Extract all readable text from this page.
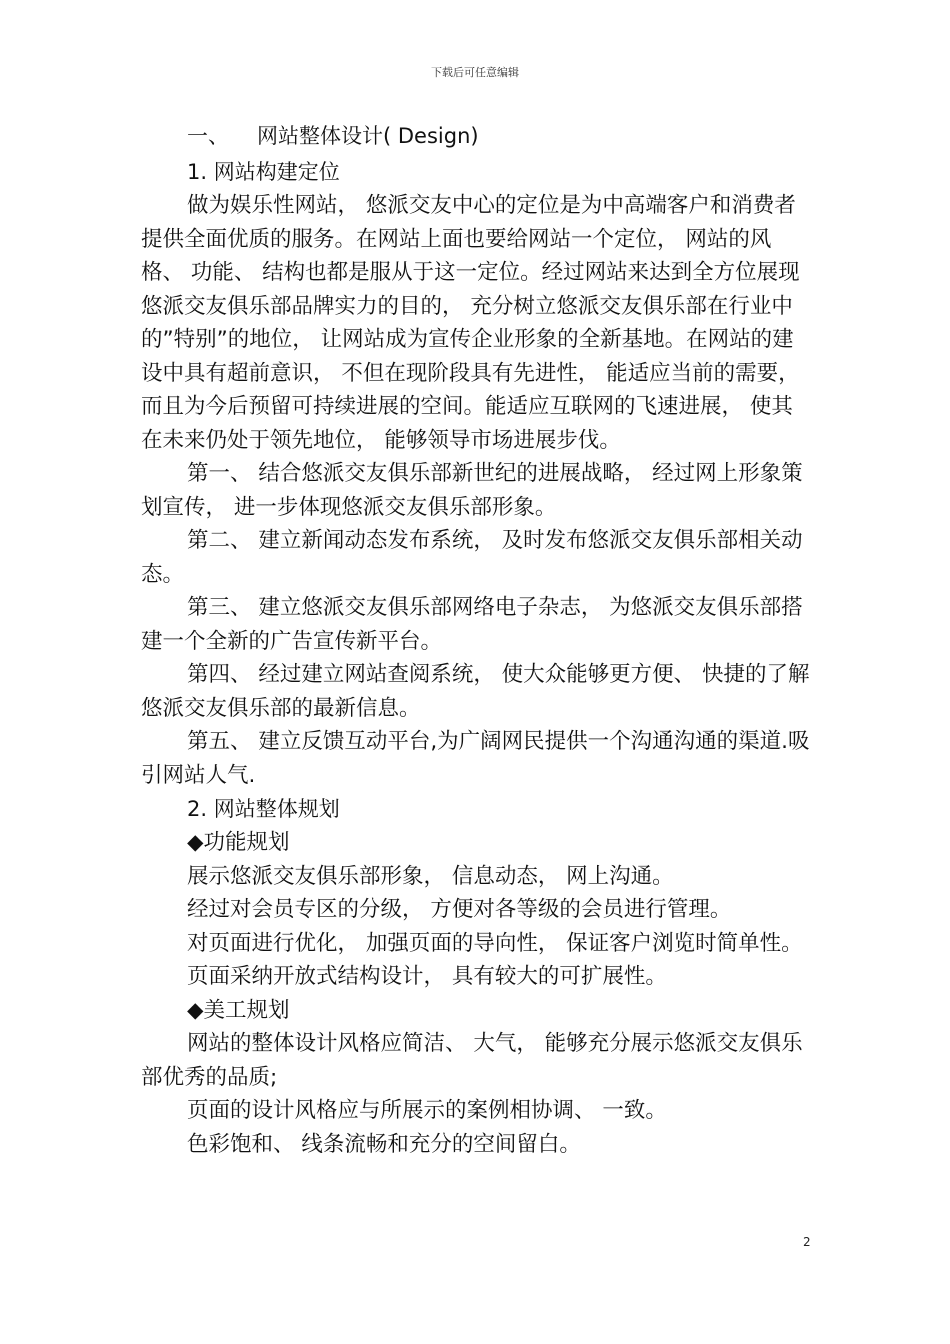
下载后可任意编辑
一、	网站整体设计( Design)

1. 网站构建定位

做为娱乐性网站， 悠派交友中心的定位是为中高端客户和消费者提供全面优质的服务。在网站上面也要给网站一个定位， 网站的风格、 功能、 结构也都是服从于这一定位。经过网站来达到全方位展现悠派交友俱乐部品牌实力的目的， 充分树立悠派交友俱乐部在行业中的”特别”的地位， 让网站成为宣传企业形象的全新基地。在网站的建设中具有超前意识， 不但在现阶段具有先进性， 能适应当前的需要， 而且为今后预留可持续进展的空间。能适应互联网的飞速进展， 使其在未来仍处于领先地位， 能够领导市场进展步伐。

第一、 结合悠派交友俱乐部新世纪的进展战略， 经过网上形象策划宣传， 进一步体现悠派交友俱乐部形象。

第二、 建立新闻动态发布系统， 及时发布悠派交友俱乐部相关动态。

第三、 建立悠派交友俱乐部网络电子杂志， 为悠派交友俱乐部搭建一个全新的广告宣传新平台。

第四、 经过建立网站查阅系统， 使大众能够更方便、 快捷的了解悠派交友俱乐部的最新信息。

第五、 建立反馈互动平台,为广阔网民提供一个沟通沟通的渠道.吸引网站人气.

2. 网站整体规划

◆功能规划

展示悠派交友俱乐部形象， 信息动态， 网上沟通。

经过对会员专区的分级， 方便对各等级的会员进行管理。

对页面进行优化， 加强页面的导向性， 保证客户浏览时简单性。

页面采纳开放式结构设计， 具有较大的可扩展性。

◆美工规划

网站的整体设计风格应简洁、 大气， 能够充分展示悠派交友俱乐部优秀的品质;

页面的设计风格应与所展示的案例相协调、 一致。

色彩饱和、 线条流畅和充分的空间留白。

2
